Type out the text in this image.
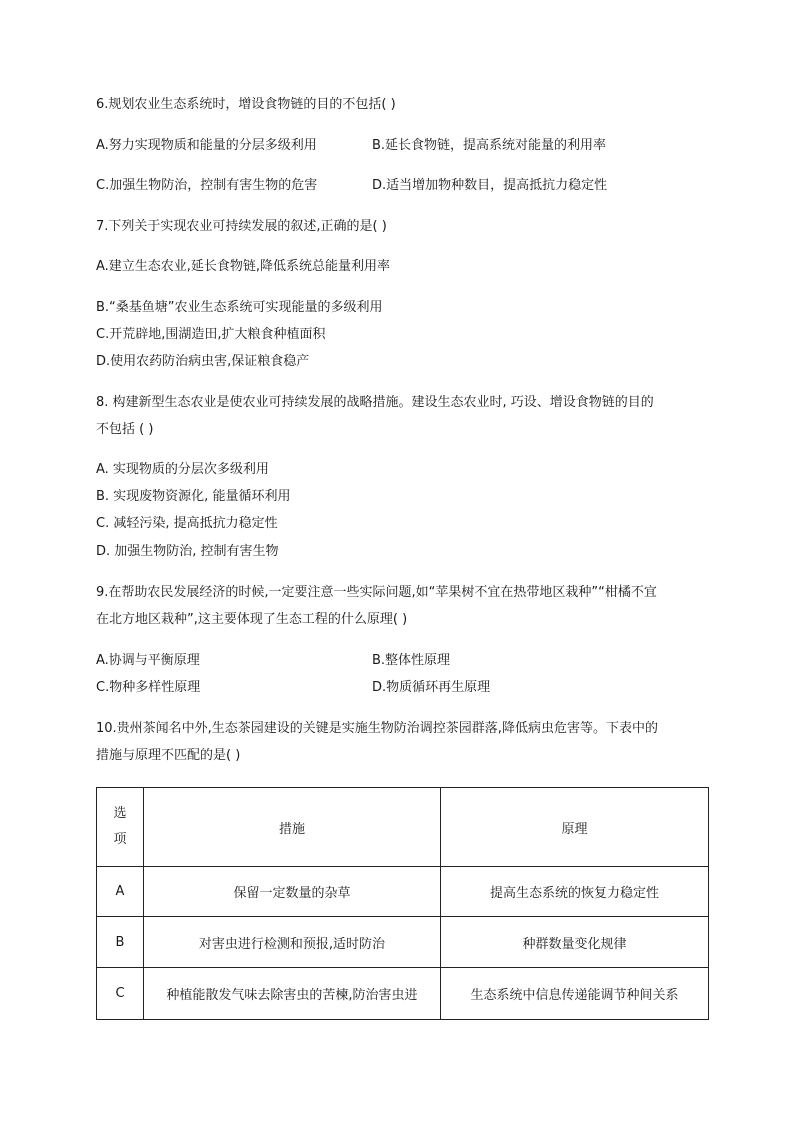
6.规划农业生态系统时，增设食物链的目的不包括( )
A.努力实现物质和能量的分层多级利用	B.延长食物链，提高系统对能量的利用率
C.加强生物防治，控制有害生物的危害	D.适当增加物种数目，提高抵抗力稳定性
7.下列关于实现农业可持续发展的叙述,正确的是( )
A.建立生态农业,延长食物链,降低系统总能量利用率
B.“桑基鱼塘”农业生态系统可实现能量的多级利用
C.开荒辟地,围湖造田,扩大粮食种植面积
D.使用农药防治病虫害,保证粮食稳产
8. 构建新型生态农业是使农业可持续发展的战略措施。建设生态农业时, 巧设、增设食物链的目的
不包括 ( )
A. 实现物质的分层次多级利用
B. 实现废物资源化, 能量循环利用
C. 减轻污染, 提高抵抗力稳定性
D. 加强生物防治, 控制有害生物
9.在帮助农民发展经济的时候,一定要注意一些实际问题,如“苹果树不宜在热带地区栽种”“柑橘不宜
在北方地区栽种”,这主要体现了生态工程的什么原理( )
A.协调与平衡原理	B.整体性原理
C.物种多样性原理	D.物质循环再生原理
10.贵州茶闻名中外,生态茶园建设的关键是实施生物防治调控茶园群落,降低病虫危害等。下表中的
措施与原理不匹配的是( )
选
项	措施	原理
A	保留一定数量的杂草	提高生态系统的恢复力稳定性
B	对害虫进行检测和预报,适时防治	种群数量变化规律
C	种植能散发气味去除害虫的苦楝,防治害虫进	生态系统中信息传递能调节种间关系
